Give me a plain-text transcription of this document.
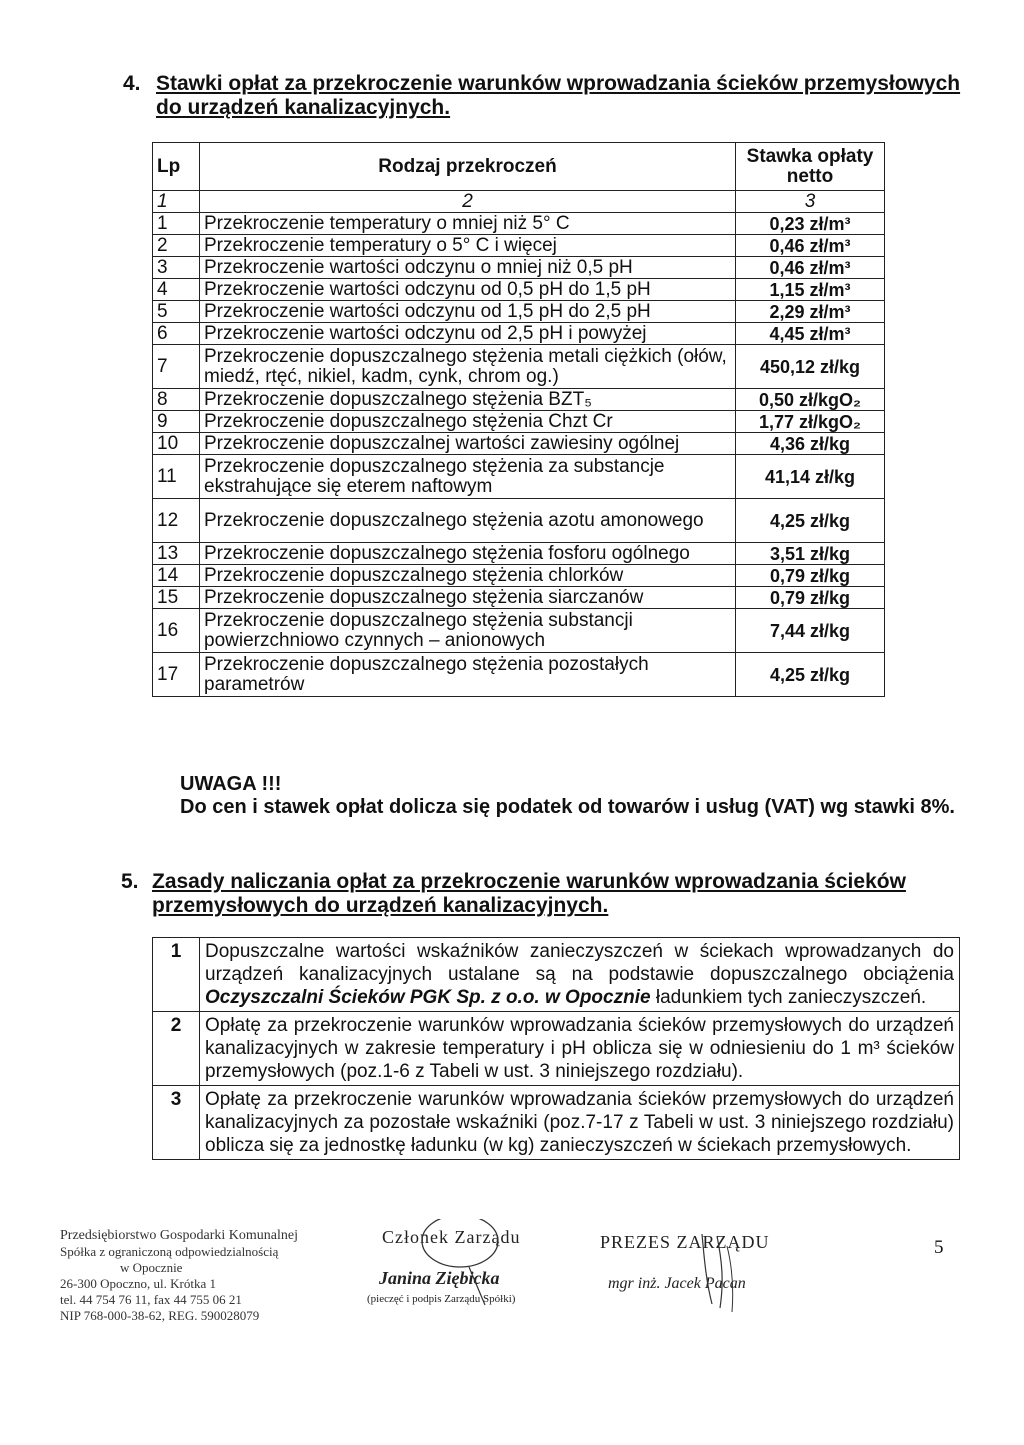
4. Stawki opłat za przekroczenie warunków wprowadzania ścieków przemysłowych do urządzeń kanalizacyjnych.
Lp	Rodzaj przekroczeń	Stawka opłaty netto
1	2	3
1	Przekroczenie temperatury o mniej niż 5° C	0,23 zł/m³
2	Przekroczenie temperatury o 5° C i więcej	0,46 zł/m³
3	Przekroczenie wartości odczynu o mniej niż 0,5 pH	0,46 zł/m³
4	Przekroczenie wartości odczynu od 0,5 pH do 1,5 pH	1,15 zł/m³
5	Przekroczenie wartości odczynu od 1,5 pH do 2,5 pH	2,29 zł/m³
6	Przekroczenie wartości odczynu od 2,5 pH i powyżej	4,45 zł/m³
7	Przekroczenie dopuszczalnego stężenia metali ciężkich (ołów, miedź, rtęć, nikiel, kadm, cynk, chrom og.)	450,12 zł/kg
8	Przekroczenie dopuszczalnego stężenia BZT₅	0,50 zł/kgO₂
9	Przekroczenie dopuszczalnego stężenia Chzt Cr	1,77 zł/kgO₂
10	Przekroczenie dopuszczalnej wartości zawiesiny ogólnej	4,36 zł/kg
11	Przekroczenie dopuszczalnego stężenia za substancje ekstrahujące się eterem naftowym	41,14 zł/kg
12	Przekroczenie dopuszczalnego stężenia azotu amonowego	4,25 zł/kg
13	Przekroczenie dopuszczalnego stężenia fosforu ogólnego	3,51 zł/kg
14	Przekroczenie dopuszczalnego stężenia chlorków	0,79 zł/kg
15	Przekroczenie dopuszczalnego stężenia siarczanów	0,79 zł/kg
16	Przekroczenie dopuszczalnego stężenia substancji powierzchniowo czynnych – anionowych	7,44 zł/kg
17	Przekroczenie dopuszczalnego stężenia pozostałych parametrów	4,25 zł/kg
UWAGA !!!
Do cen i stawek opłat dolicza się podatek od towarów i usług (VAT) wg stawki 8%.
5. Zasady naliczania opłat za przekroczenie warunków wprowadzania ścieków przemysłowych do urządzeń kanalizacyjnych.
1	Dopuszczalne wartości wskaźników zanieczyszczeń w ściekach wprowadzanych do urządzeń kanalizacyjnych ustalane są na podstawie dopuszczalnego obciążenia Oczyszczalni Ścieków PGK Sp. z o.o. w Opocznie ładunkiem tych zanieczyszczeń.
2	Opłatę za przekroczenie warunków wprowadzania ścieków przemysłowych do urządzeń kanalizacyjnych w zakresie temperatury i pH oblicza się w odniesieniu do 1 m³ ścieków przemysłowych (poz.1-6 z Tabeli w ust. 3 niniejszego rozdziału).
3	Opłatę za przekroczenie warunków wprowadzania ścieków przemysłowych do urządzeń kanalizacyjnych za pozostałe wskaźniki (poz.7-17 z Tabeli w ust. 3 niniejszego rozdziału) oblicza się za jednostkę ładunku (w kg) zanieczyszczeń w ściekach przemysłowych.
Przedsiębiorstwo Gospodarki Komunalnej
Spółka z ograniczoną odpowiedzialnością
w Opocznie
26-300 Opoczno, ul. Krótka 1
tel. 44 754 76 11, fax 44 755 06 21
NIP 768-000-38-62, REG. 590028079
Członek Zarządu
Janina Ziębicka
(pieczęć i podpis Zarządu Spółki)
PREZES ZARZĄDU
mgr inż. Jacek Pacan
5
